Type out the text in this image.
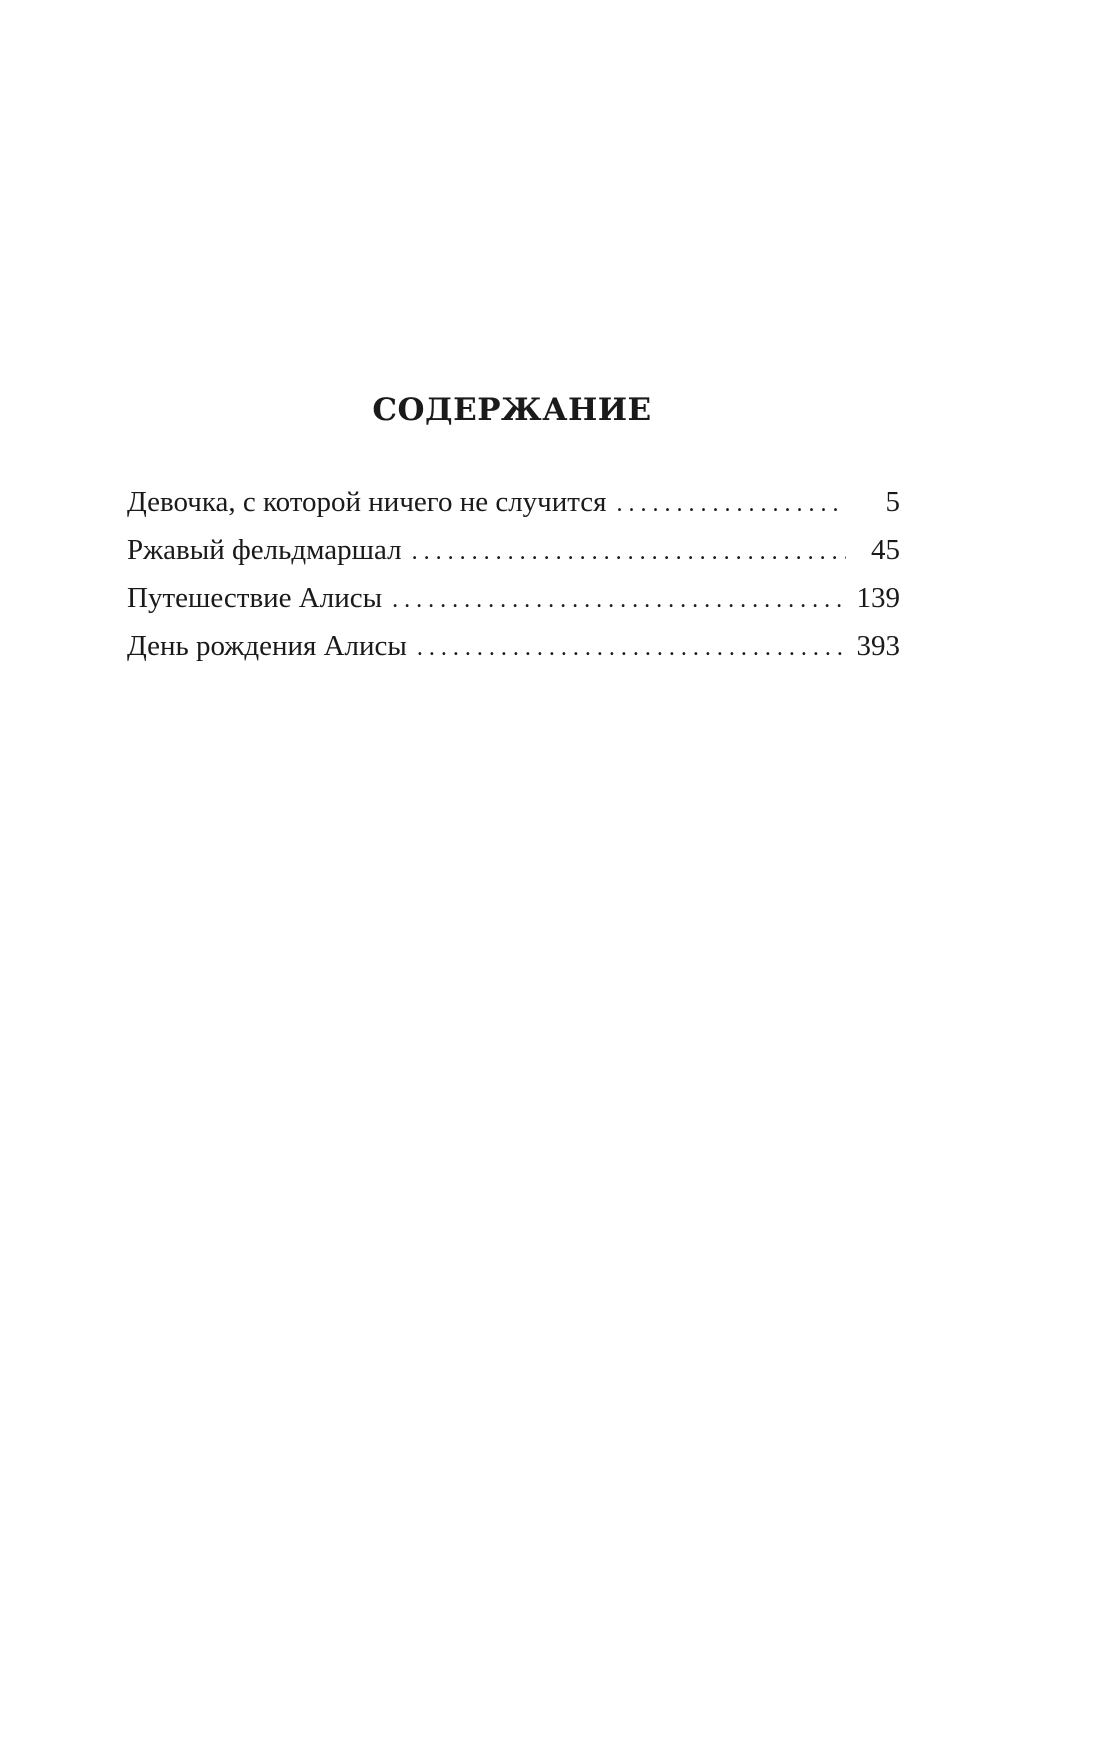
СОДЕРЖАНИЕ
Девочка, с которой ничего не случится . . .	5
Ржавый фельдмаршал . . .	45
Путешествие Алисы . . .	139
День рождения Алисы . . .	393
